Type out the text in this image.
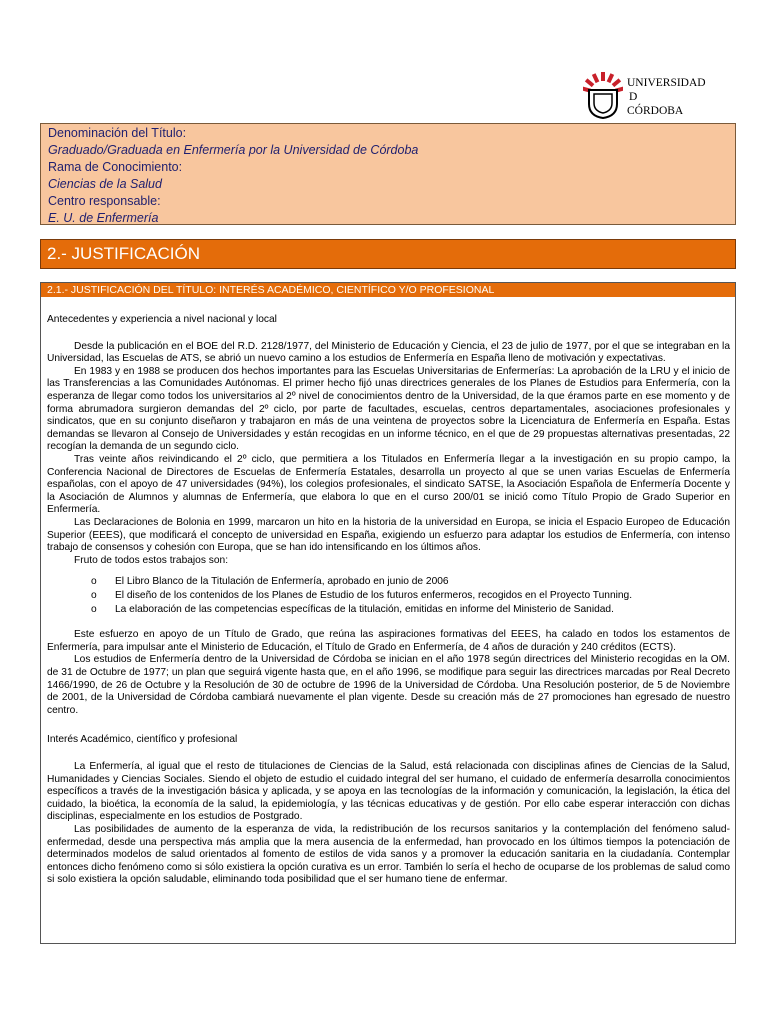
UNIVERSIDAD
D
CÓRDOBA
Denominación del Título:
Graduado/Graduada en Enfermería por la Universidad de Córdoba
Rama de Conocimiento:
Ciencias de la Salud
Centro responsable:
E. U. de Enfermería
2.- JUSTIFICACIÓN
2.1.- JUSTIFICACIÓN DEL TÍTULO: INTERÉS ACADÉMICO, CIENTÍFICO Y/O PROFESIONAL

Antecedentes y experiencia a nivel nacional y local

Desde la publicación en el BOE del R.D. 2128/1977, del Ministerio de Educación y Ciencia, el 23 de julio de 1977, por el que se integraban en la Universidad, las Escuelas de ATS, se abrió un nuevo camino a los estudios de Enfermería en España lleno de motivación y expectativas.

En 1983 y en 1988 se producen dos hechos importantes para las Escuelas Universitarias de Enfermerías: La aprobación de la LRU y el inicio de las Transferencias a las Comunidades Autónomas. El primer hecho fijó unas directrices generales de los Planes de Estudios para Enfermería, con la esperanza de llegar como todos los universitarios al 2º nivel de conocimientos dentro de la Universidad, de la que éramos parte en ese momento y de forma abrumadora surgieron demandas del 2º ciclo, por parte de facultades, escuelas, centros departamentales, asociaciones profesionales y sindicatos, que en su conjunto diseñaron y trabajaron en más de una veintena de proyectos sobre la Licenciatura de Enfermería en España. Estas demandas se llevaron al Consejo de Universidades y están recogidas en un informe técnico, en el que de 29 propuestas alternativas presentadas, 22 recogían la demanda de un segundo ciclo.

Tras veinte años reivindicando el 2º ciclo, que permitiera a los Titulados en Enfermería llegar a la investigación en su propio campo, la Conferencia Nacional de Directores de Escuelas de Enfermería Estatales, desarrolla un proyecto al que se unen varias Escuelas de Enfermería españolas, con el apoyo de 47 universidades (94%), los colegios profesionales, el sindicato SATSE, la Asociación Española de Enfermería Docente y la Asociación de Alumnos y alumnas de Enfermería, que elabora lo que en el curso 200/01 se inició como Título Propio de Grado Superior en Enfermería.

Las Declaraciones de Bolonia en 1999, marcaron un hito en la historia de la universidad en Europa, se inicia el Espacio Europeo de Educación Superior (EEES), que modificará el concepto de universidad en España, exigiendo un esfuerzo para adaptar los estudios de Enfermería, con intenso trabajo de consensos y cohesión con Europa, que se han ido intensificando en los últimos años.

Fruto de todos estos trabajos son:

o El Libro Blanco de la Titulación de Enfermería, aprobado en junio de 2006
o El diseño de los contenidos de los Planes de Estudio de los futuros enfermeros, recogidos en el Proyecto Tunning.
o La elaboración de las competencias específicas de la titulación, emitidas en informe del Ministerio de Sanidad.

Este esfuerzo en apoyo de un Título de Grado, que reúna las aspiraciones formativas del EEES, ha calado en todos los estamentos de Enfermería, para impulsar ante el Ministerio de Educación, el Título de Grado en Enfermería, de 4 años de duración y 240 créditos (ECTS).

Los estudios de Enfermería dentro de la Universidad de Córdoba se inician en el año 1978 según directrices del Ministerio recogidas en la OM. de 31 de Octubre de 1977; un plan que seguirá vigente hasta que, en el año 1996, se modifique para seguir las directrices marcadas por Real Decreto 1466/1990, de 26 de Octubre y la Resolución de 30 de octubre de 1996 de la Universidad de Córdoba. Una Resolución posterior, de 5 de Noviembre de 2001, de la Universidad de Córdoba cambiará nuevamente el plan vigente. Desde su creación más de 27 promociones han egresado de nuestro centro.

Interés Académico, científico y profesional

La Enfermería, al igual que el resto de titulaciones de Ciencias de la Salud, está relacionada con disciplinas afines de Ciencias de la Salud, Humanidades y Ciencias Sociales. Siendo el objeto de estudio el cuidado integral del ser humano, el cuidado de enfermería desarrolla conocimientos específicos a través de la investigación básica y aplicada, y se apoya en las tecnologías de la información y comunicación, la legislación, la ética del cuidado, la bioética, la economía de la salud, la epidemiología, y las técnicas educativas y de gestión. Por ello cabe esperar interacción con dichas disciplinas, especialmente en los estudios de Postgrado.

Las posibilidades de aumento de la esperanza de vida, la redistribución de los recursos sanitarios y la contemplación del fenómeno salud-enfermedad, desde una perspectiva más amplia que la mera ausencia de la enfermedad, han provocado en los últimos tiempos la potenciación de determinados modelos de salud orientados al fomento de estilos de vida sanos y a promover la educación sanitaria en la ciudadanía. Contemplar entonces dicho fenómeno como si sólo existiera la opción curativa es un error. También lo sería el hecho de ocuparse de los problemas de salud como si solo existiera la opción saludable, eliminando toda posibilidad que el ser humano tiene de enfermar.
